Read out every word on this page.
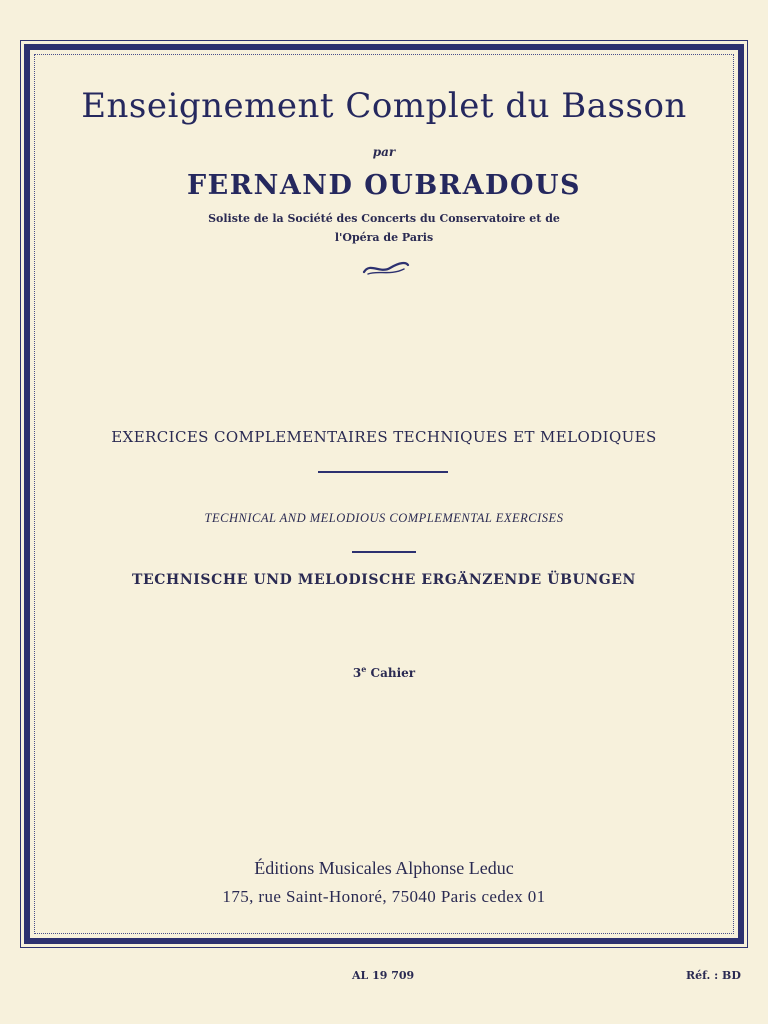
Enseignement Complet du Basson
par
FERNAND OUBRADOUS
Soliste de la Société des Concerts du Conservatoire et de
l'Opéra de Paris
EXERCICES COMPLEMENTAIRES TECHNIQUES ET MELODIQUES
TECHNICAL AND MELODIOUS COMPLEMENTAL EXERCISES
TECHNISCHE UND MELODISCHE ERGÄNZENDE ÜBUNGEN
3e Cahier
Éditions Musicales Alphonse Leduc
175, rue Saint-Honoré, 75040 Paris cedex 01
AL 19 709	Réf. : BD
